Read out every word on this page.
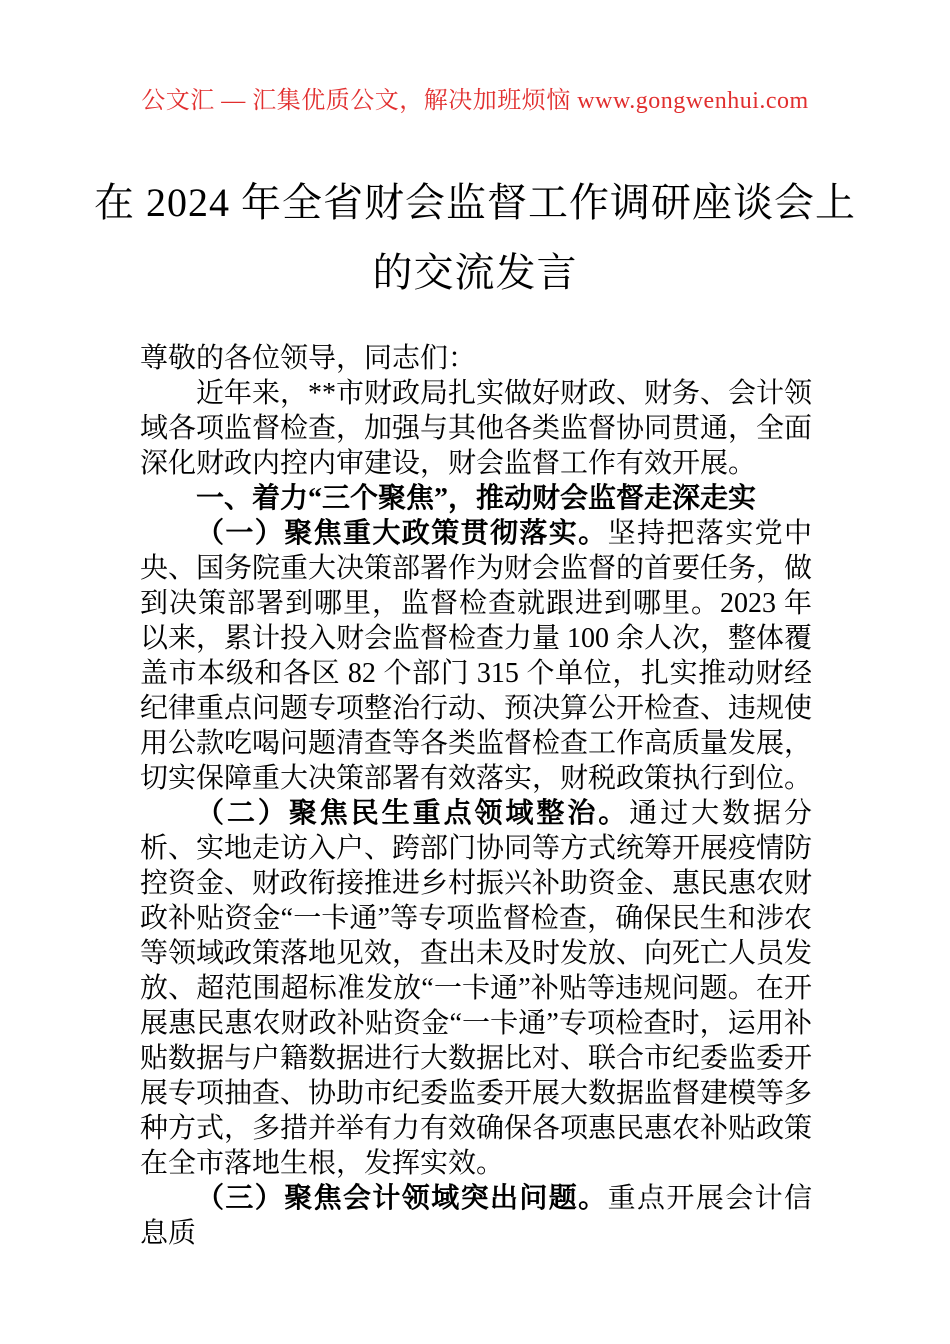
公文汇 — 汇集优质公文，解决加班烦恼 www.gongwenhui.com
在 2024 年全省财会监督工作调研座谈会上
的交流发言

尊敬的各位领导，同志们：

近年来，**市财政局扎实做好财政、财务、会计领域各项监督检查，加强与其他各类监督协同贯通，全面深化财政内控内审建设，财会监督工作有效开展。

一、着力“三个聚焦”，推动财会监督走深走实

（一）聚焦重大政策贯彻落实。坚持把落实党中央、国务院重大决策部署作为财会监督的首要任务，做到决策部署到哪里，监督检查就跟进到哪里。2023 年以来，累计投入财会监督检查力量 100 余人次，整体覆盖市本级和各区 82 个部门 315 个单位，扎实推动财经纪律重点问题专项整治行动、预决算公开检查、违规使用公款吃喝问题清查等各类监督检查工作高质量发展，切实保障重大决策部署有效落实，财税政策执行到位。

（二）聚焦民生重点领域整治。通过大数据分析、实地走访入户、跨部门协同等方式统筹开展疫情防控资金、财政衔接推进乡村振兴补助资金、惠民惠农财政补贴资金“一卡通”等专项监督检查，确保民生和涉农等领域政策落地见效，查出未及时发放、向死亡人员发放、超范围超标准发放“一卡通”补贴等违规问题。在开展惠民惠农财政补贴资金“一卡通”专项检查时，运用补贴数据与户籍数据进行大数据比对、联合市纪委监委开展专项抽查、协助市纪委监委开展大数据监督建模等多种方式，多措并举有力有效确保各项惠民惠农补贴政策在全市落地生根，发挥实效。

（三）聚焦会计领域突出问题。重点开展会计信息质
